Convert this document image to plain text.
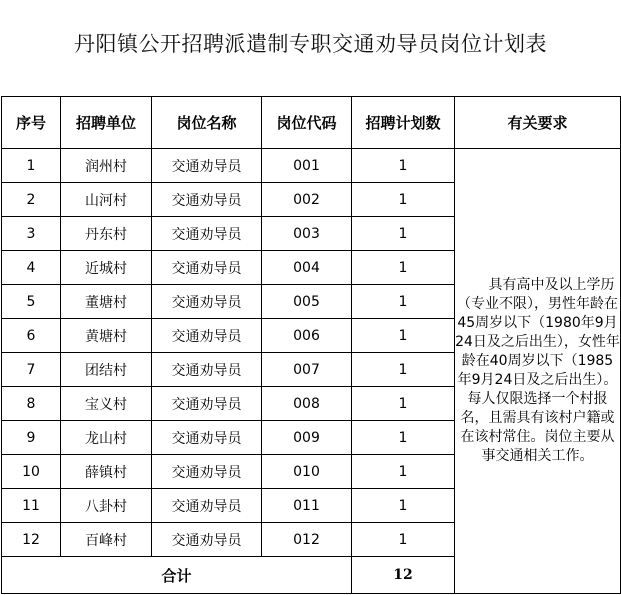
丹阳镇公开招聘派遣制专职交通劝导员岗位计划表
序号	招聘单位	岗位名称	岗位代码	招聘计划数	有关要求
1	润州村	交通劝导员	001	1	具有高中及以上学历（专业不限），男性年龄在45周岁以下（1980年9月24日及之后出生），女性年龄在40周岁以下（1985年9月24日及之后出生）。每人仅限选择一个村报名，且需具有该村户籍或在该村常住。岗位主要从事交通相关工作。
2	山河村	交通劝导员	002	1	
3	丹东村	交通劝导员	003	1	
4	近城村	交通劝导员	004	1	
5	董塘村	交通劝导员	005	1	
6	黄塘村	交通劝导员	006	1	
7	团结村	交通劝导员	007	1	
8	宝义村	交通劝导员	008	1	
9	龙山村	交通劝导员	009	1	
10	薛镇村	交通劝导员	010	1	
11	八卦村	交通劝导员	011	1	
12	百峰村	交通劝导员	012	1	
合计				12	
